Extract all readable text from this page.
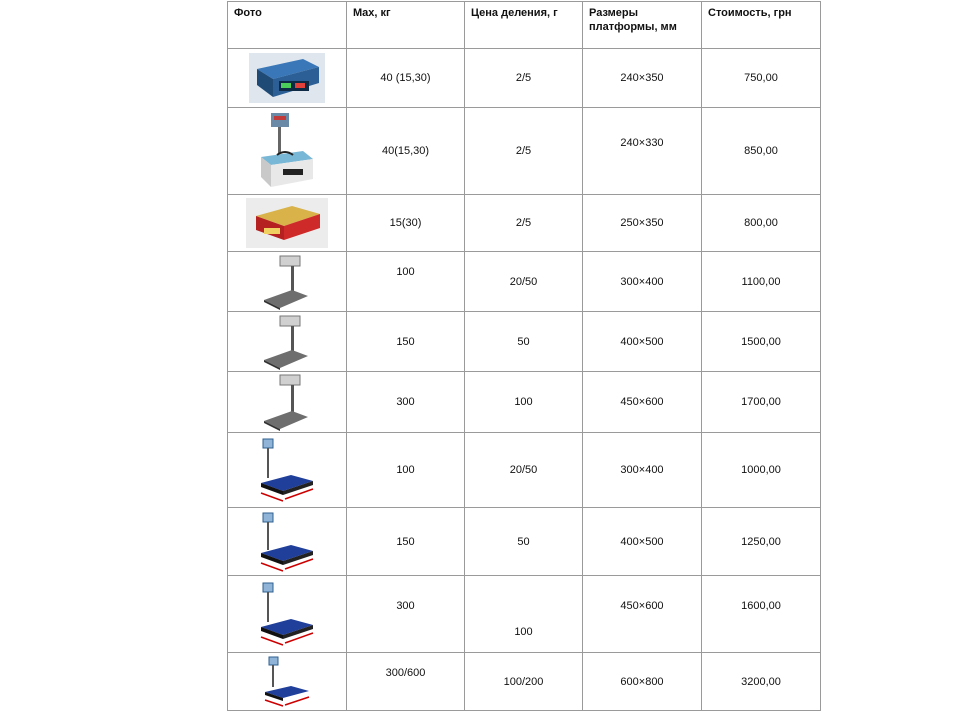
Фото	Max, кг	Цена деления, г	Размеры платформы, мм	Стоимость, грн

	40 (15,30)	2/5	240×350	750,00

	40(15,30)	2/5	240×330	850,00

	15(30)	2/5	250×350	800,00

	100	20/50	300×400	1100,00

	150	50	400×500	1500,00

	300	100	450×600	1700,00

	100	20/50	300×400	1000,00

	150	50	400×500	1250,00

	300	100	450×600	1600,00

	300/600	100/200	600×800	3200,00
